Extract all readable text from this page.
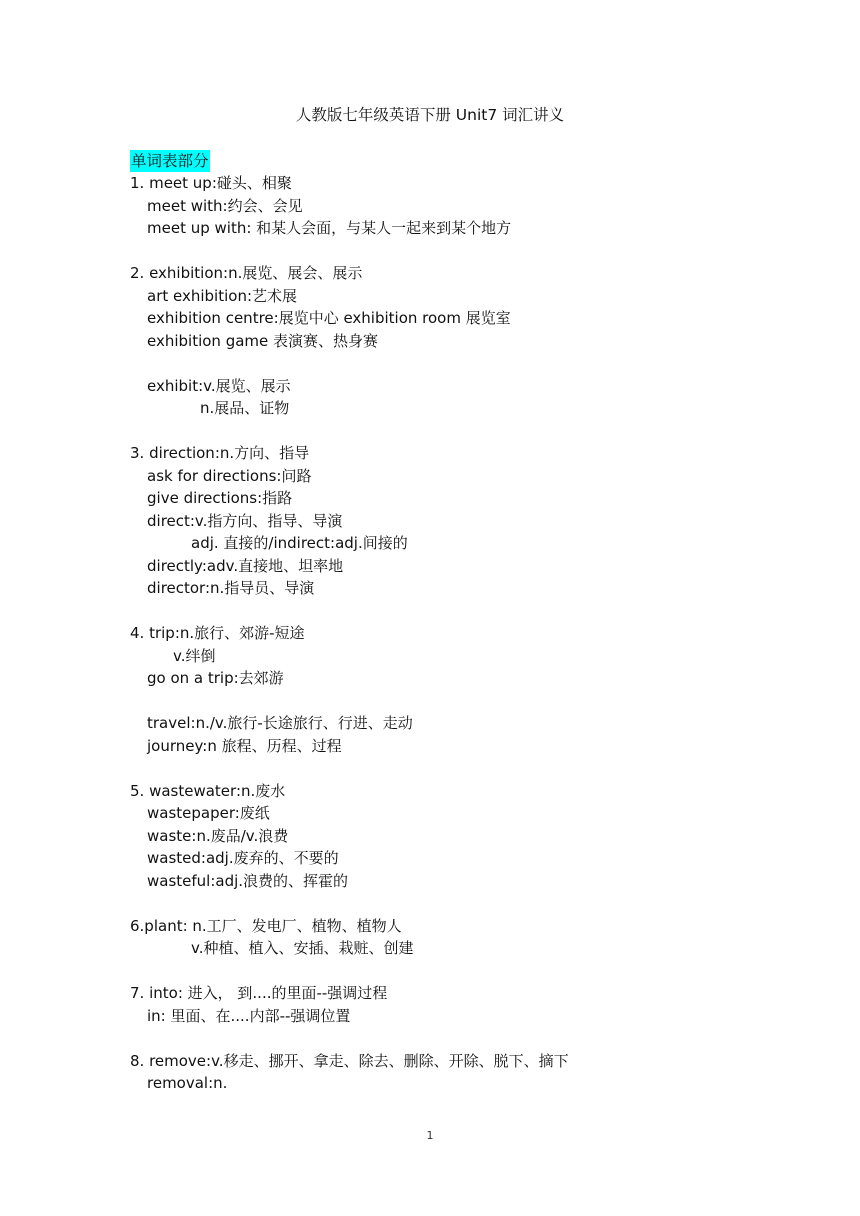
人教版七年级英语下册 Unit7 词汇讲义
单词表部分
1. meet up:碰头、相聚
meet with:约会、会见
meet up with: 和某人会面，与某人一起来到某个地方
2. exhibition:n.展览、展会、展示
art exhibition:艺术展
exhibition centre:展览中心 exhibition room 展览室
exhibition game 表演赛、热身赛
exhibit:v.展览、展示
n.展品、证物
3. direction:n.方向、指导
ask for directions:问路
give directions:指路
direct:v.指方向、指导、导演
adj. 直接的/indirect:adj.间接的
directly:adv.直接地、坦率地
director:n.指导员、导演
4. trip:n.旅行、郊游-短途
v.绊倒
go on a trip:去郊游
travel:n./v.旅行-长途旅行、行进、走动
journey:n 旅程、历程、过程
5. wastewater:n.废水
wastepaper:废纸
waste:n.废品/v.浪费
wasted:adj.废弃的、不要的
wasteful:adj.浪费的、挥霍的
6.plant: n.工厂、发电厂、植物、植物人
v.种植、植入、安插、栽赃、创建
7. into: 进入， 到....的里面--强调过程
in: 里面、在....内部--强调位置
8. remove:v.移走、挪开、拿走、除去、删除、开除、脱下、摘下
removal:n.
1
